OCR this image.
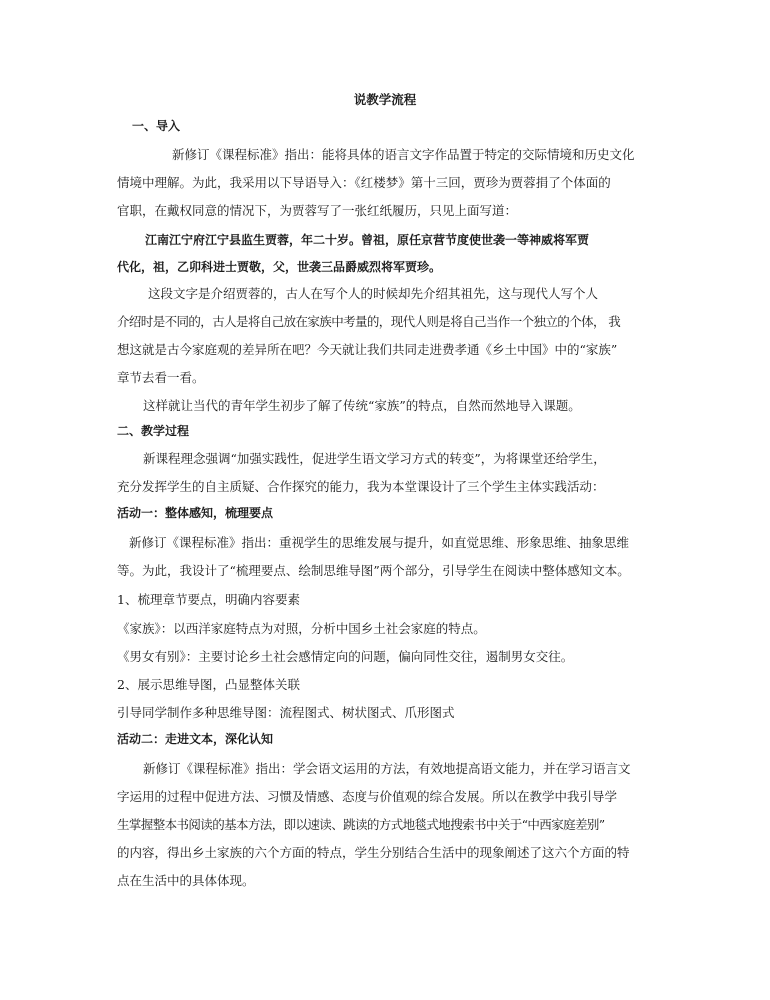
说教学流程
一、导入
新修订《课程标准》指出：能将具体的语言文字作品置于特定的交际情境和历史文化
情境中理解。为此，我采用以下导语导入：《红楼梦》第十三回，贾珍为贾蓉捐了个体面的
官职，在戴权同意的情况下，为贾蓉写了一张红纸履历，只见上面写道：
江南江宁府江宁县监生贾蓉，年二十岁。曾祖，原任京营节度使世袭一等神威将军贾
代化，祖，乙卯科进士贾敬，父，世袭三品爵威烈将军贾珍。
这段文字是介绍贾蓉的，古人在写个人的时候却先介绍其祖先，这与现代人写个人
介绍时是不同的，古人是将自己放在家族中考量的，现代人则是将自己当作一个独立的个体， 我
想这就是古今家庭观的差异所在吧？今天就让我们共同走进费孝通《乡土中国》中的“家族”
章节去看一看。
这样就让当代的青年学生初步了解了传统“家族”的特点，自然而然地导入课题。
二、教学过程
新课程理念强调“加强实践性，促进学生语文学习方式的转变”，为将课堂还给学生，
充分发挥学生的自主质疑、合作探究的能力，我为本堂课设计了三个学生主体实践活动：
活动一：整体感知，梳理要点
新修订《课程标准》指出：重视学生的思维发展与提升，如直觉思维、形象思维、抽象思维
等。为此，我设计了“梳理要点、绘制思维导图”两个部分，引导学生在阅读中整体感知文本。
1、梳理章节要点，明确内容要素
《家族》：以西洋家庭特点为对照，分析中国乡土社会家庭的特点。
《男女有别》：主要讨论乡土社会感情定向的问题，偏向同性交往，遏制男女交往。
2、展示思维导图，凸显整体关联
引导同学制作多种思维导图：流程图式、树状图式、爪形图式
活动二：走进文本，深化认知
新修订《课程标准》指出：学会语文运用的方法，有效地提高语文能力，并在学习语言文
字运用的过程中促进方法、习惯及情感、态度与价值观的综合发展。所以在教学中我引导学
生掌握整本书阅读的基本方法，即以速读、跳读的方式地毯式地搜索书中关于“中西家庭差别”
的内容，得出乡土家族的六个方面的特点，学生分别结合生活中的现象阐述了这六个方面的特
点在生活中的具体体现。
